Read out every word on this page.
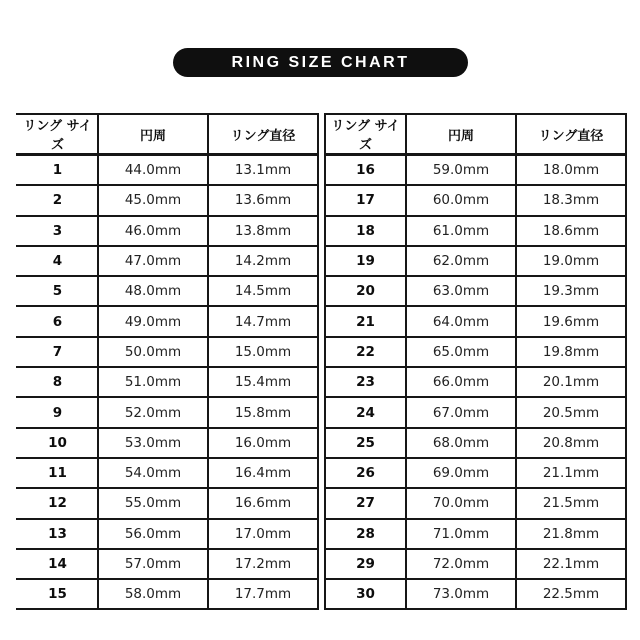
RING SIZE CHART
リング サイズ	円周	リング直径
1	44.0mm	13.1mm
2	45.0mm	13.6mm
3	46.0mm	13.8mm
4	47.0mm	14.2mm
5	48.0mm	14.5mm
6	49.0mm	14.7mm
7	50.0mm	15.0mm
8	51.0mm	15.4mm
9	52.0mm	15.8mm
10	53.0mm	16.0mm
11	54.0mm	16.4mm
12	55.0mm	16.6mm
13	56.0mm	17.0mm
14	57.0mm	17.2mm
15	58.0mm	17.7mm
リング サイズ	円周	リング直径
16	59.0mm	18.0mm
17	60.0mm	18.3mm
18	61.0mm	18.6mm
19	62.0mm	19.0mm
20	63.0mm	19.3mm
21	64.0mm	19.6mm
22	65.0mm	19.8mm
23	66.0mm	20.1mm
24	67.0mm	20.5mm
25	68.0mm	20.8mm
26	69.0mm	21.1mm
27	70.0mm	21.5mm
28	71.0mm	21.8mm
29	72.0mm	22.1mm
30	73.0mm	22.5mm
